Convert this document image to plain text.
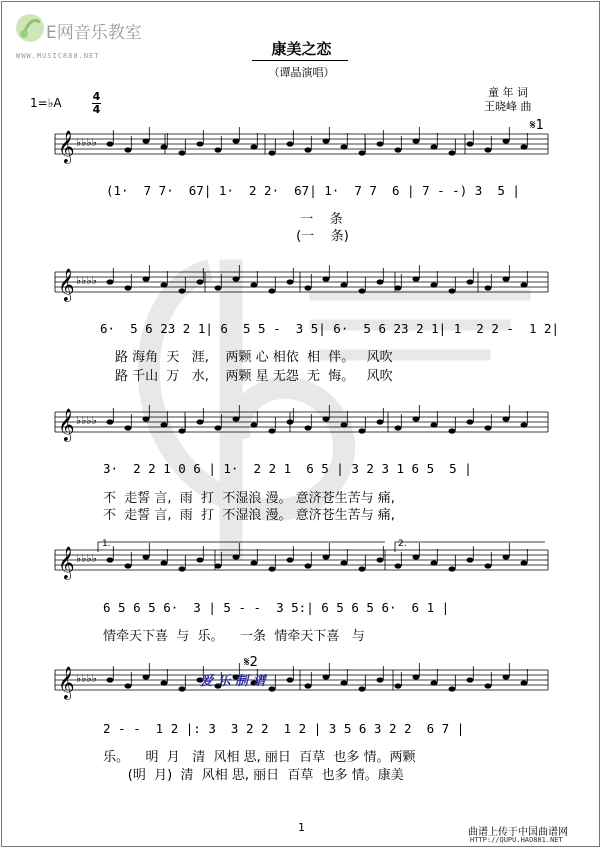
E网音乐教室
WWW.MUSIC888.NET	康美之恋
（谭晶演唱）
1=♭A	4
4
童 年 词
王晓峰 曲
𝄞 ♭♭♭♭
𝄞 ♭♭♭♭
𝄞 ♭♭♭♭
𝄞 ♭♭♭♭
𝄞 ♭♭♭♭
(1·  7 7·  67| 1·  2 2·  67| 1·  7 7  6 | 7 - -) 3  5 |
一    条
(一    条)
6·  5 6 23 2 1| 6  5 5 -  3 5| 6·  5 6 23 2 1| 1  2 2 -  1 2|
路 海角  天   涯,    两颗 心 相依  相  伴。   风吹
路 千山  万   水,    两颗 星 无怨  无  悔。   风吹
3·  2 2 1 0 6 | 1·  2 2 1  6 5 | 3 2 3 1 6 5  5 |
不  走誓 言,  雨  打  不湿浪 漫。 意济苍生苦与 痛,
不  走誓 言,  雨  打  不湿浪 漫。 意济苍生苦与 痛,
6 5 6 5 6·  3 | 5 - -  3 5:| 6 5 6 5 6·  6 1 |
情牵天下喜  与  乐。    一条  情牵天下喜   与
2 - -  1 2 |: 3  3 2 2  1 2 | 3 5 6 3 2 2  6 7 |
乐。    明  月   清  风相 思, 丽日  百草  也多 情。两颗
(明  月)  清  风相 思, 丽日  百草  也多 情。康美
爱 乐 制 谱
𝄋1
𝄋2
1.	2.
1	曲谱上传于中国曲谱网
HTTP://QUPU.HAO881.NET
